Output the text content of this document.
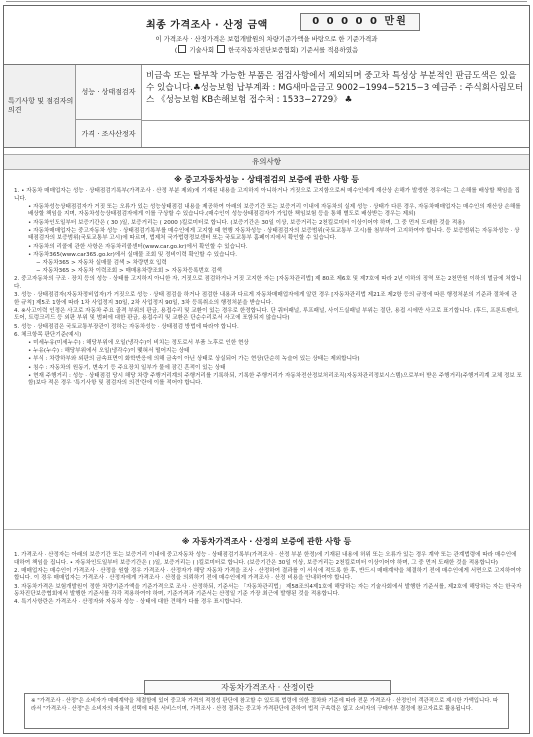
최종 가격조사 · 산정 금액	0 0 0 0 0 만원
이 가격조사 · 산정가격은 보험개발원의 차량기준가액을 바탕으로 한 기준가격과
( 기술사회 한국자동차진단보증협회) 기준서를 적용하였음
특기사항 및 점검자의 의견
성능 · 상태점검자
비금속 또는 탈부착 가능한 부품은 점검사항에서 제외되며 중고차 특성상 부분적인 판금도색은 있을 수 있습니다.♣성능보험 납부계좌 : MG새마을금고 9002−1994−5215−3 예금주 : 주식회사림모터스 《성능보험 KB손해보험 접수처 : 1533−2729》 ♣
가격 · 조사산정자
유의사항
※ 중고자동차성능 · 상태점검의 보증에 관한 사항 등
1. • 자동차 매매업자는 성능 · 상태점검기록부(가격조사 · 산정 부분 제외)에 기재된 내용을 고지하지 아니하거나 거짓으로 고지함으로써 매수인에게 재산상 손해가 발생한 경우에는 그 손해를 배상할 책임을 집니다.
• 자동차성능상태점검자가 거짓 또는 오류가 있는 성능상태점검 내용을 제공하여 아래의 보증기간 또는 보증거리 이내에 자동차의 실제 성능 · 상태가 다른 경우, 자동차매매업자는 매수인의 재산상 손해를 배상할 책임을 지며, 자동차성능상태점검자에게 이를 구상할 수 있습니다.(매수인이 성능상태점검자가 가입한 책임보험 등을 통해 별도로 배상받는 경우는 제외)
• 자동차인도일부터 보증기간은 ( 30 )일, 보증거리는 ( 2000 )킬로미터로 합니다. (보증기간은 30일 이상, 보증거리는 2천킬로미터 이상이어야 하며, 그 중 먼저 도래한 것을 적용)
• 자동차매매업자는 중고자동차 성능 · 상태점검기록부를 매수인에게 고지할 때 현행 자동차성능 · 상태점검자의 보증범위(국토교통부 고시)를 첨부하여 고지하여야 합니다. 등 보증범위는 자동차성능 · 상태점검자의 보증범위(국토교통부 고시)에 따르며, 법제처 국가법령정보센터 또는 국토교통부 홈페이지에서 확인할 수 있습니다.
• 자동차의 리콜에 관한 사항은 자동차리콜센터(www.car.go.kr)에서 확인할 수 있습니다.
• 자동차365(www.car365.go.kr)에서 실매물 조회 및 정비이력 확인할 수 있습니다.
− 자동차365 > 자동차 실매물 검색 > 차량번호 입력
− 자동차365 > 자동차 이력조회 > 매매용차량조회 > 자동차등록번호 검색
2. 중고자동차의 구조 · 장치 등의 성능 · 상태를 고지하지 아니한 자, 거짓으로 점검하거나 거짓 고지한 자는 [자동차관리법] 제 80조 제6호 및 제7호에 따라 2년 이하의 징역 또는 2천만원 이하의 벌금에 처합니다.
3. 성능 · 상태점검자(자동차정비업자)가 거짓으로 성능 · 상태 점검을 하거나 점검한 내용과 다르게 자동차매매업자에게 알린 경우 [자동차관리법 제21조 제2항 등의 규정에 따른 행정처분의 기준과 절차에 관한 규칙] 제5조 1항에 따라 1차 사업정지 30일, 2차 사업정지 90일, 3차 등록취소의 행정처분을 받습니다.
4. ※사고이력 인정은 사고로 자동차 주요 골격 부위의 판금, 용접수리 및 교환이 있는 경우로 한정합니다. 단 쿼터패널, 루프패널, 사이드실패널 부위는 절단, 용접 시에만 사고로 표기합니다. (후드, 프론트펜더, 도어, 트렁크리드 등 외판 부위 및 범퍼에 대한 판금, 용접수리 및 교환은 단순수리로서 사고에 포함되지 않습니다)
5. 성능 · 상태점검은 국토교통부장관이 정하는 자동차성능 · 상태점검 방법에 따라야 합니다.
6. 체크항목 판단기준(예시)
• 미세누유(미세누수) : 해당부위에 오일(냉각수)이 비치는 정도로서 부품 노후로 인한 현상
• 누유(누수) : 해당부위에서 오일(냉각수)이 맺혀서 떨어지는 상태
• 부식 : 차량하부와 외판의 금속표면이 화학반응에 의해 금속이 아닌 상태로 상실되어 가는 현상(단순히 녹슬어 있는 상태는 제외합니다)
• 침수 : 자동차의 원동기, 변속기 등 주요장치 일부가 물에 잠긴 흔적이 있는 상태
• 현재 주행거리 : 성능 · 상태점검 당시 해당 차량 주행거리계의 주행거리를 기록하되, 기록한 주행거리가 자동차전산정보처리조직(자동차관리정보시스템)으로부터 받은 주행거리(주행거리계 교체 정보 포함)보다 적은 경우 '특기사항 및 점검자의 의견'란에 이를 적어야 합니다.
※ 자동차가격조사 · 산정의 보증에 관한 사항 등
1. 가격조사 · 산정자는 아래의 보증기간 또는 보증거리 이내에 중고자동차 성능 · 상태점검기록부(가격조사 · 산정 부분 한정)에 기재된 내용에 허위 또는 오류가 있는 경우 계약 또는 관계법령에 따라 매수인에 대하여 책임을 집니다. • 자동차인도일부터 보증기간은 ( )일, 보증거리는 ( )킬로미터로 합니다. (보증기간은 30일 이상, 보증거리는 2천킬로미터 이상이어야 하며, 그 중 먼저 도래한 것을 적용합니다)
2. 매매업자는 매수인이 가격조사 · 산정을 원할 경우 가격조사 · 산정자가 해당 자동차 가격을 조사 · 산정하여 결과를 이 서식에 적도록 한 후, 반드시 매매계약을 체결하기 전에 매수인에게 서면으로 고지하여야 합니다. 이 경우 매매업자는 가격조사 · 산정자에게 가격조사 · 산정을 의뢰하기 전에 매수인에게 가격조사 · 산정 비용을 안내하여야 합니다.
3. 자동차가격은 보험개발원이 정한 차량기준가액을 기준가격으로 조사 · 산정하되, 기준서는 「자동차관리법」 제58조의4제1호에 해당하는 자는 기술사회에서 발행한 기준서를, 제2호에 해당하는 자는 한국자동차진단보증협회에서 발행한 기준서를 각각 적용하여야 하며, 기준가격과 기준서는 산정일 기준 가장 최근에 발행된 것을 적용합니다.
4. 특기사항란은 가격조사 · 산정자와 자동차 성능 · 상태에 대한 견해가 다를 경우 표시합니다.
자동차가격조사 · 산정이란
※ "가격조사 · 산정"은 소비자가 매매계약을 체결함에 있어 중고차 가격의 적정성 판단에 참고할 수 있도록 법령에 의한 절차와 기준에 따라 전문 가격조사 · 산정인이 객관적으로 제시한 가액입니다. 따라서 "가격조사 · 산정"은 소비자의 자율적 선택에 따른 서비스이며, 가격조사 · 산정 결과는 중고차 가격판단에 관하여 법적 구속력은 없고 소비자의 구매여부 결정에 참고자료로 활용됩니다.
